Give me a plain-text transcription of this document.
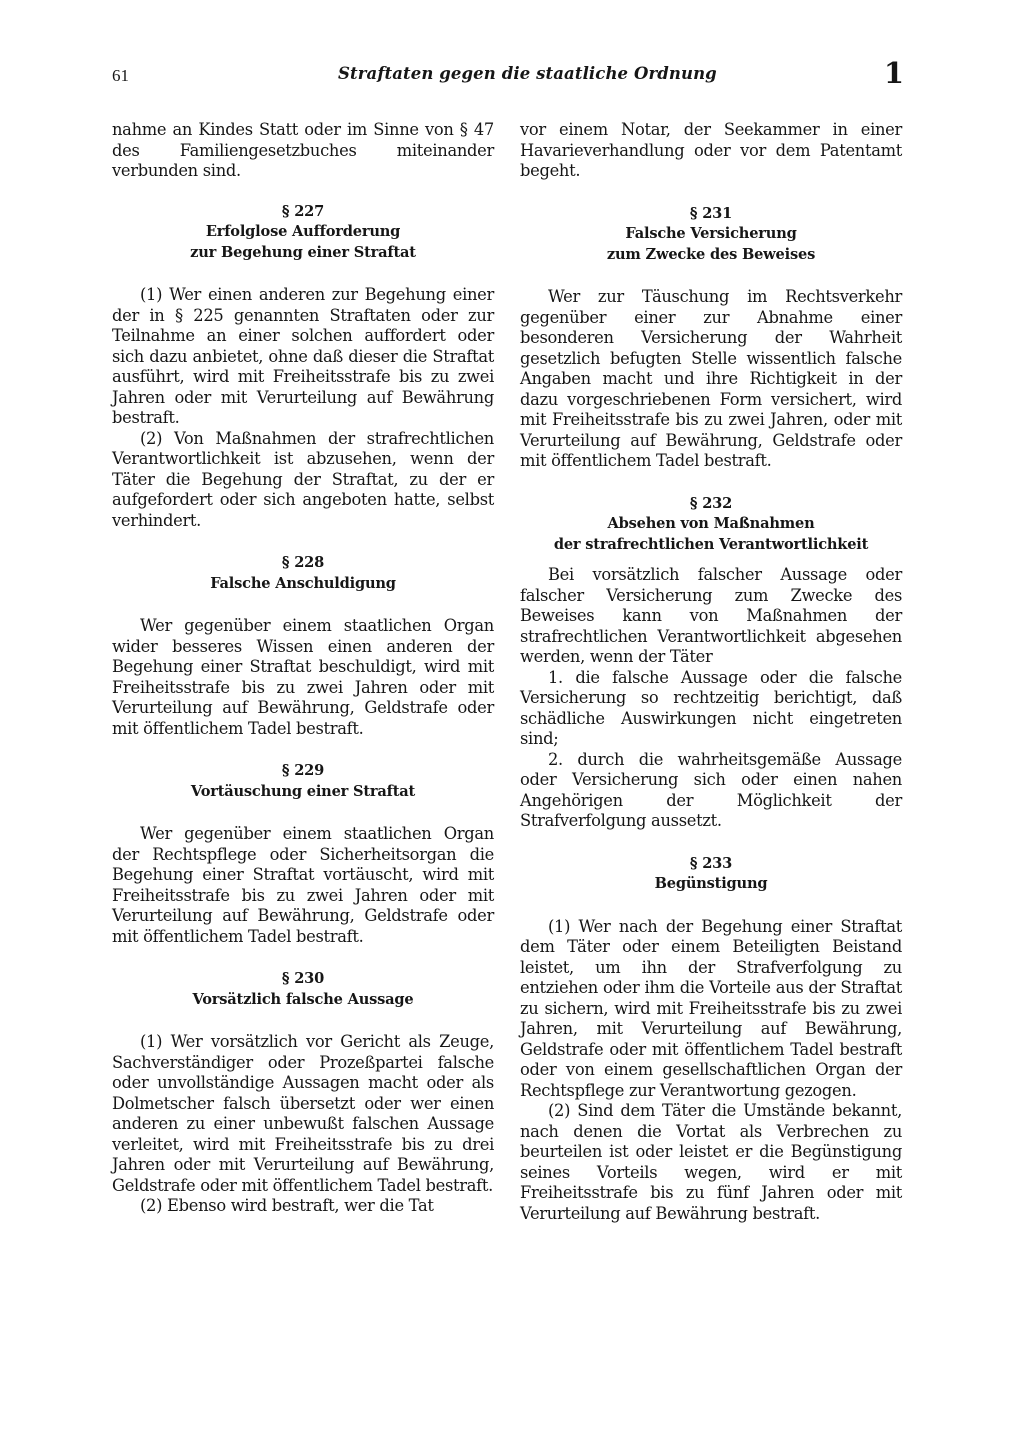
61	Straftaten gegen die staatliche Ordnung	1

nahme an Kindes Statt oder im Sinne von § 47 des Familiengesetzbuches miteinander verbunden sind.

§ 227

Erfolglose Aufforderung

zur Begehung einer Straftat

(1) Wer einen anderen zur Begehung einer der in § 225 genannten Straftaten oder zur Teilnahme an einer solchen auffordert oder sich dazu anbietet, ohne daß dieser die Straftat ausführt, wird mit Freiheitsstrafe bis zu zwei Jahren oder mit Verurteilung auf Bewährung bestraft.

(2) Von Maßnahmen der strafrechtlichen Verantwortlichkeit ist abzusehen, wenn der Täter die Begehung der Straftat, zu der er aufgefordert oder sich angeboten hatte, selbst verhindert.

§ 228

Falsche Anschuldigung

Wer gegenüber einem staatlichen Organ wider besseres Wissen einen anderen der Begehung einer Straftat beschuldigt, wird mit Freiheitsstrafe bis zu zwei Jahren oder mit Verurteilung auf Bewährung, Geldstrafe oder mit öffentlichem Tadel bestraft.

§ 229

Vortäuschung einer Straftat

Wer gegenüber einem staatlichen Organ der Rechtspflege oder Sicherheitsorgan die Begehung einer Straftat vortäuscht, wird mit Freiheitsstrafe bis zu zwei Jahren oder mit Verurteilung auf Bewährung, Geldstrafe oder mit öffentlichem Tadel bestraft.

§ 230

Vorsätzlich falsche Aussage

(1) Wer vorsätzlich vor Gericht als Zeuge, Sachverständiger oder Prozeßpartei falsche oder unvollständige Aussagen macht oder als Dolmetscher falsch übersetzt oder wer einen anderen zu einer unbewußt falschen Aussage verleitet, wird mit Freiheitsstrafe bis zu drei Jahren oder mit Verurteilung auf Bewährung, Geldstrafe oder mit öffentlichem Tadel bestraft.

(2) Ebenso wird bestraft, wer die Tat

vor einem Notar, der Seekammer in einer Havarieverhandlung oder vor dem Patentamt begeht.

§ 231

Falsche Versicherung

zum Zwecke des Beweises

Wer zur Täuschung im Rechtsverkehr gegenüber einer zur Abnahme einer besonderen Versicherung der Wahrheit gesetzlich befugten Stelle wissentlich falsche Angaben macht und ihre Richtigkeit in der dazu vorgeschriebenen Form versichert, wird mit Freiheitsstrafe bis zu zwei Jahren, oder mit Verurteilung auf Bewährung, Geldstrafe oder mit öffentlichem Tadel bestraft.

§ 232

Absehen von Maßnahmen

der strafrechtlichen Verantwortlichkeit

Bei vorsätzlich falscher Aussage oder falscher Versicherung zum Zwecke des Beweises kann von Maßnahmen der strafrechtlichen Verantwortlichkeit abgesehen werden, wenn der Täter

1. die falsche Aussage oder die falsche Versicherung so rechtzeitig berichtigt, daß schädliche Auswirkungen nicht eingetreten sind;

2. durch die wahrheitsgemäße Aussage oder Versicherung sich oder einen nahen Angehörigen der Möglichkeit der Strafverfolgung aussetzt.

§ 233

Begünstigung

(1) Wer nach der Begehung einer Straftat dem Täter oder einem Beteiligten Beistand leistet, um ihn der Strafverfolgung zu entziehen oder ihm die Vorteile aus der Straftat zu sichern, wird mit Freiheitsstrafe bis zu zwei Jahren, mit Verurteilung auf Bewährung, Geldstrafe oder mit öffentlichem Tadel bestraft oder von einem gesellschaftlichen Organ der Rechtspflege zur Verantwortung gezogen.

(2) Sind dem Täter die Umstände bekannt, nach denen die Vortat als Verbrechen zu beurteilen ist oder leistet er die Begünstigung seines Vorteils wegen, wird er mit Freiheitsstrafe bis zu fünf Jahren oder mit Verurteilung auf Bewährung bestraft.
